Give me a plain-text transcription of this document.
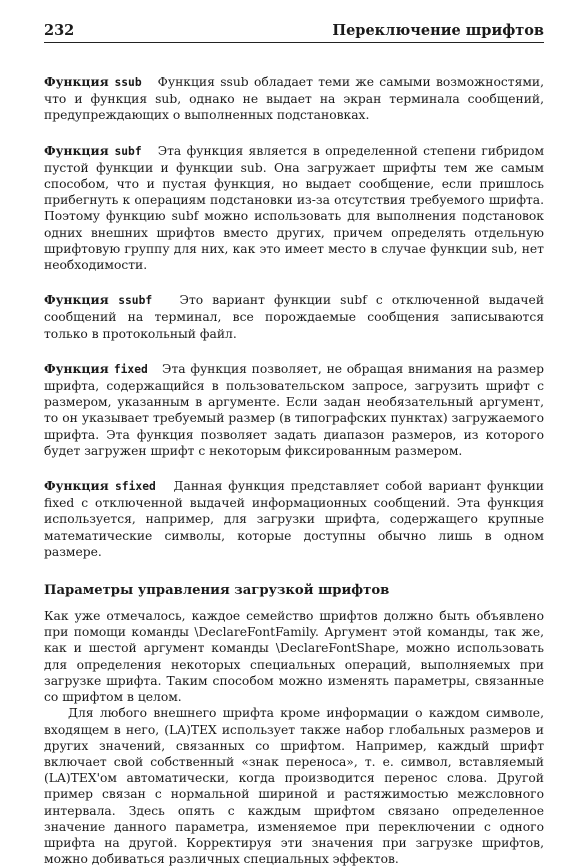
232	Переключение шрифтов

Функция ssub Функция ssub обладает теми же самыми возможностями, что и функция sub, однако не выдает на экран терминала сообщений, предупреждающих о выполненных подстановках.

Функция subf Эта функция является в определенной степени гибридом пустой функции и функции sub. Она загружает шрифты тем же самым способом, что и пустая функция, но выдает сообщение, если пришлось прибегнуть к операциям подстановки из-за отсутствия требуемого шрифта. Поэтому функцию subf можно использовать для выполнения подстановок одних внешних шрифтов вместо других, причем определять отдельную шрифтовую группу для них, как это имеет место в случае функции sub, нет необходимости.

Функция ssubf Это вариант функции subf с отключенной выдачей сообщений на терминал, все порождаемые сообщения записываются только в протокольный файл.

Функция fixed Эта функция позволяет, не обращая внимания на размер шрифта, содержащийся в пользовательском запросе, загрузить шрифт с размером, указанным в аргументе. Если задан необязательный аргумент, то он указывает требуемый размер (в типографских пунктах) загружаемого шрифта. Эта функция позволяет задать диапазон размеров, из которого будет загружен шрифт с некоторым фиксированным размером.

Функция sfixed Данная функция представляет собой вариант функции fixed с отключенной выдачей информационных сообщений. Эта функция используется, например, для загрузки шрифта, содержащего крупные математические символы, которые доступны обычно лишь в одном размере.

Параметры управления загрузкой шрифтов

Как уже отмечалось, каждое семейство шрифтов должно быть объявлено при помощи команды \DeclareFontFamily. Аргумент этой команды, так же, как и шестой аргумент команды \DeclareFontShape, можно использовать для определения некоторых специальных операций, выполняемых при загрузке шрифта. Таким способом можно изменять параметры, связанные со шрифтом в целом.

Для любого внешнего шрифта кроме информации о каждом символе, входящем в него, (LA)TEX использует также набор глобальных размеров и других значений, связанных со шрифтом. Например, каждый шрифт включает свой собственный «знак переноса», т. е. символ, вставляемый (LA)TEX'ом автоматически, когда производится перенос слова. Другой пример связан с нормальной шириной и растяжимостью межсловного интервала. Здесь опять с каждым шрифтом связано определенное значение данного параметра, изменяемое при переключении с одного шрифта на другой. Корректируя эти значения при загрузке шрифтов, можно добиваться различных специальных эффектов.
